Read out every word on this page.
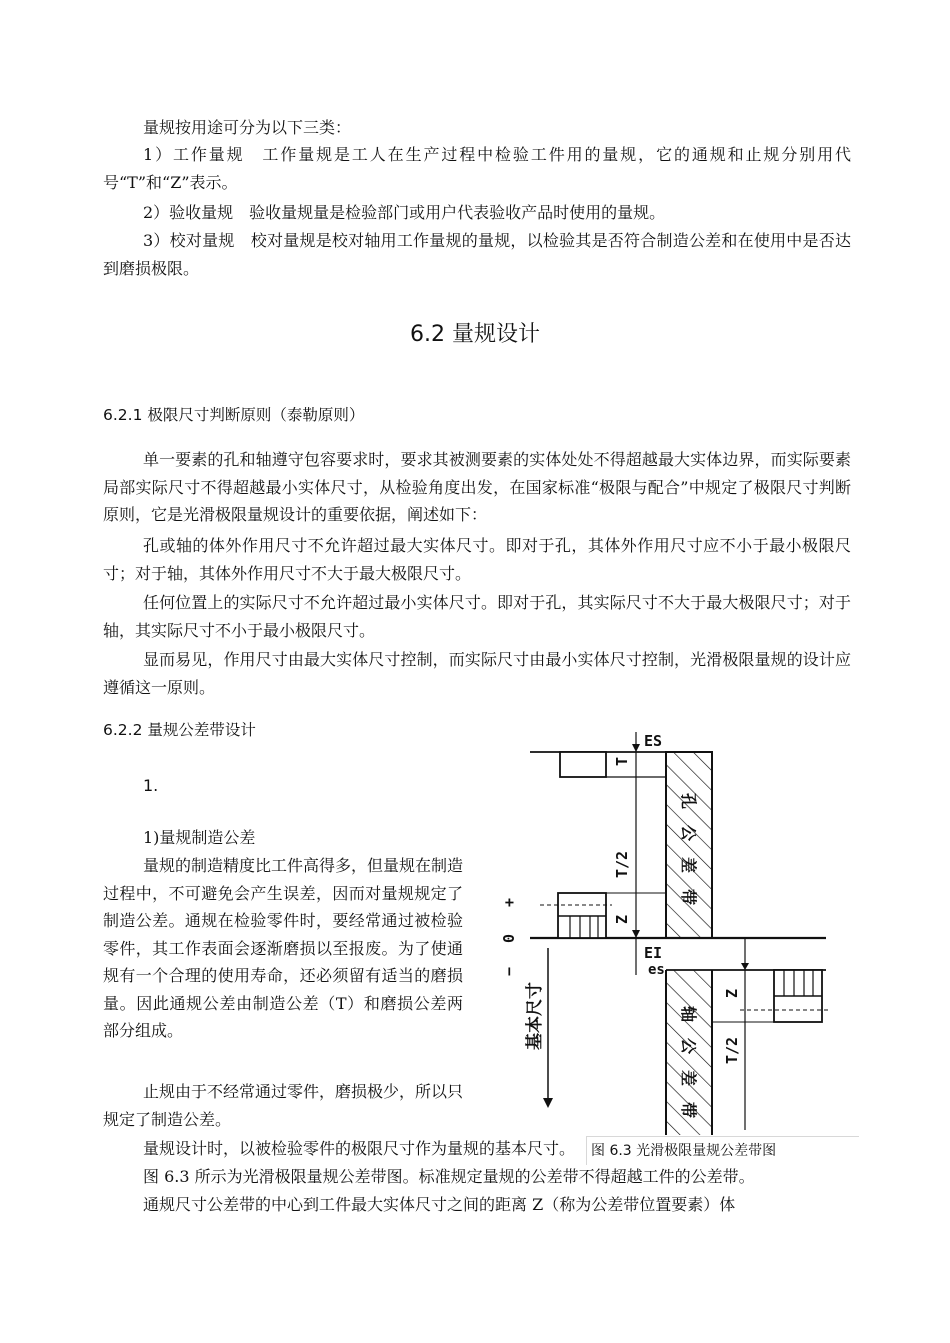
量规按用途可分为以下三类：

1）工作量规　工作量规是工人在生产过程中检验工件用的量规，它的通规和止规分别用代号“T”和“Z”表示。

2）验收量规　验收量规量是检验部门或用户代表验收产品时使用的量规。

3）校对量规　校对量规是校对轴用工作量规的量规，以检验其是否符合制造公差和在使用中是否达到磨损极限。

6.2 量规设计
6.2.1 极限尺寸判断原则（泰勒原则）

单一要素的孔和轴遵守包容要求时，要求其被测要素的实体处处不得超越最大实体边界，而实际要素局部实际尺寸不得超越最小实体尺寸，从检验角度出发，在国家标准“极限与配合”中规定了极限尺寸判断原则，它是光滑极限量规设计的重要依据，阐述如下：

孔或轴的体外作用尺寸不允许超过最大实体尺寸。即对于孔，其体外作用尺寸应不小于最小极限尺寸；对于轴，其体外作用尺寸不大于最大极限尺寸。

任何位置上的实际尺寸不允许超过最小实体尺寸。即对于孔，其实际尺寸不大于最大极限尺寸；对于轴，其实际尺寸不小于最小极限尺寸。

显而易见，作用尺寸由最大实体尺寸控制，而实际尺寸由最小实体尺寸控制，光滑极限量规的设计应遵循这一原则。

6.2.2 量规公差带设计
1.
1)量规制造公差

量规的制造精度比工件高得多，但量规在制造过程中，不可避免会产生误差，因而对量规规定了制造公差。通规在检验零件时，要经常通过被检验零件，其工作表面会逐渐磨损以至报废。为了使通规有一个合理的使用寿命，还必须留有适当的磨损量。因此通规公差由制造公差（T）和磨损公差两部分组成。

止规由于不经常通过零件，磨损极少，所以只规定了制造公差。

ES
EI
es
T
T/2
Z
Z
T/2
+
0
−
基本尺寸
孔
公
差
带
轴
公
差
带

量规设计时，以被检验零件的极限尺寸作为量规的基本尺寸。	图 6.3 光滑极限量规公差带图

图 6.3 所示为光滑极限量规公差带图。标准规定量规的公差带不得超越工件的公差带。

通规尺寸公差带的中心到工件最大实体尺寸之间的距离 Z（称为公差带位置要素）体
